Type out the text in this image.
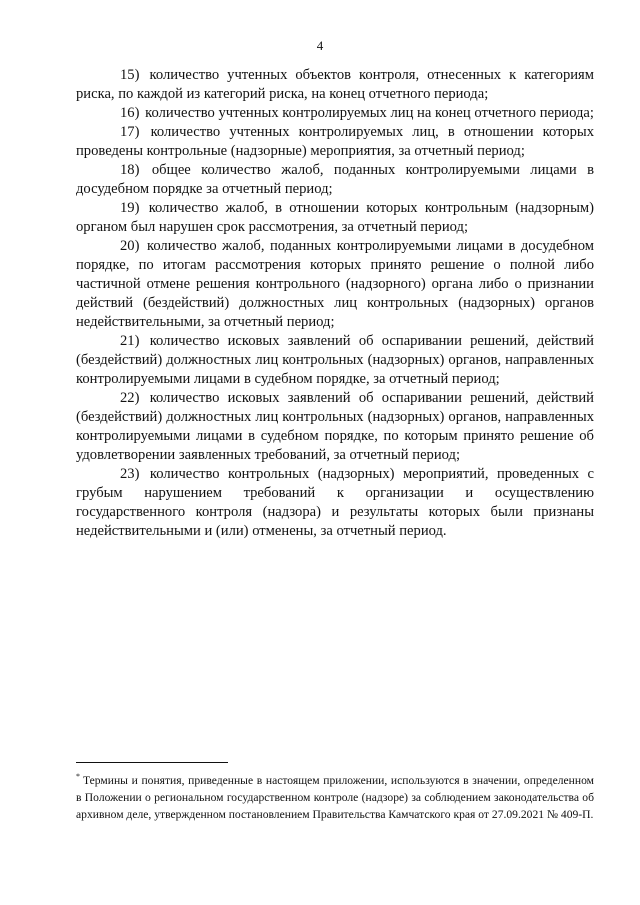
4

15) количество учтенных объектов контроля, отнесенных к категориям риска, по каждой из категорий риска, на конец отчетного периода;

16) количество учтенных контролируемых лиц на конец отчетного периода;

17) количество учтенных контролируемых лиц, в отношении которых проведены контрольные (надзорные) мероприятия, за отчетный период;

18) общее количество жалоб, поданных контролируемыми лицами в досудебном порядке за отчетный период;

19) количество жалоб, в отношении которых контрольным (надзорным) органом был нарушен срок рассмотрения, за отчетный период;

20) количество жалоб, поданных контролируемыми лицами в досудебном порядке, по итогам рассмотрения которых принято решение о полной либо частичной отмене решения контрольного (надзорного) органа либо о признании действий (бездействий) должностных лиц контрольных (надзорных) органов недействительными, за отчетный период;

21) количество исковых заявлений об оспаривании решений, действий (бездействий) должностных лиц контрольных (надзорных) органов, направленных контролируемыми лицами в судебном порядке, за отчетный период;

22) количество исковых заявлений об оспаривании решений, действий (бездействий) должностных лиц контрольных (надзорных) органов, направленных контролируемыми лицами в судебном порядке, по которым принято решение об удовлетворении заявленных требований, за отчетный период;

23) количество контрольных (надзорных) мероприятий, проведенных с грубым нарушением требований к организации и осуществлению государственного контроля (надзора) и результаты которых были признаны недействительными и (или) отменены, за отчетный период.

* Термины и понятия, приведенные в настоящем приложении, используются в значении, определенном в Положении о региональном государственном контроле (надзоре) за соблюдением законодательства об архивном деле, утвержденном постановлением Правительства Камчатского края от 27.09.2021 № 409-П.
